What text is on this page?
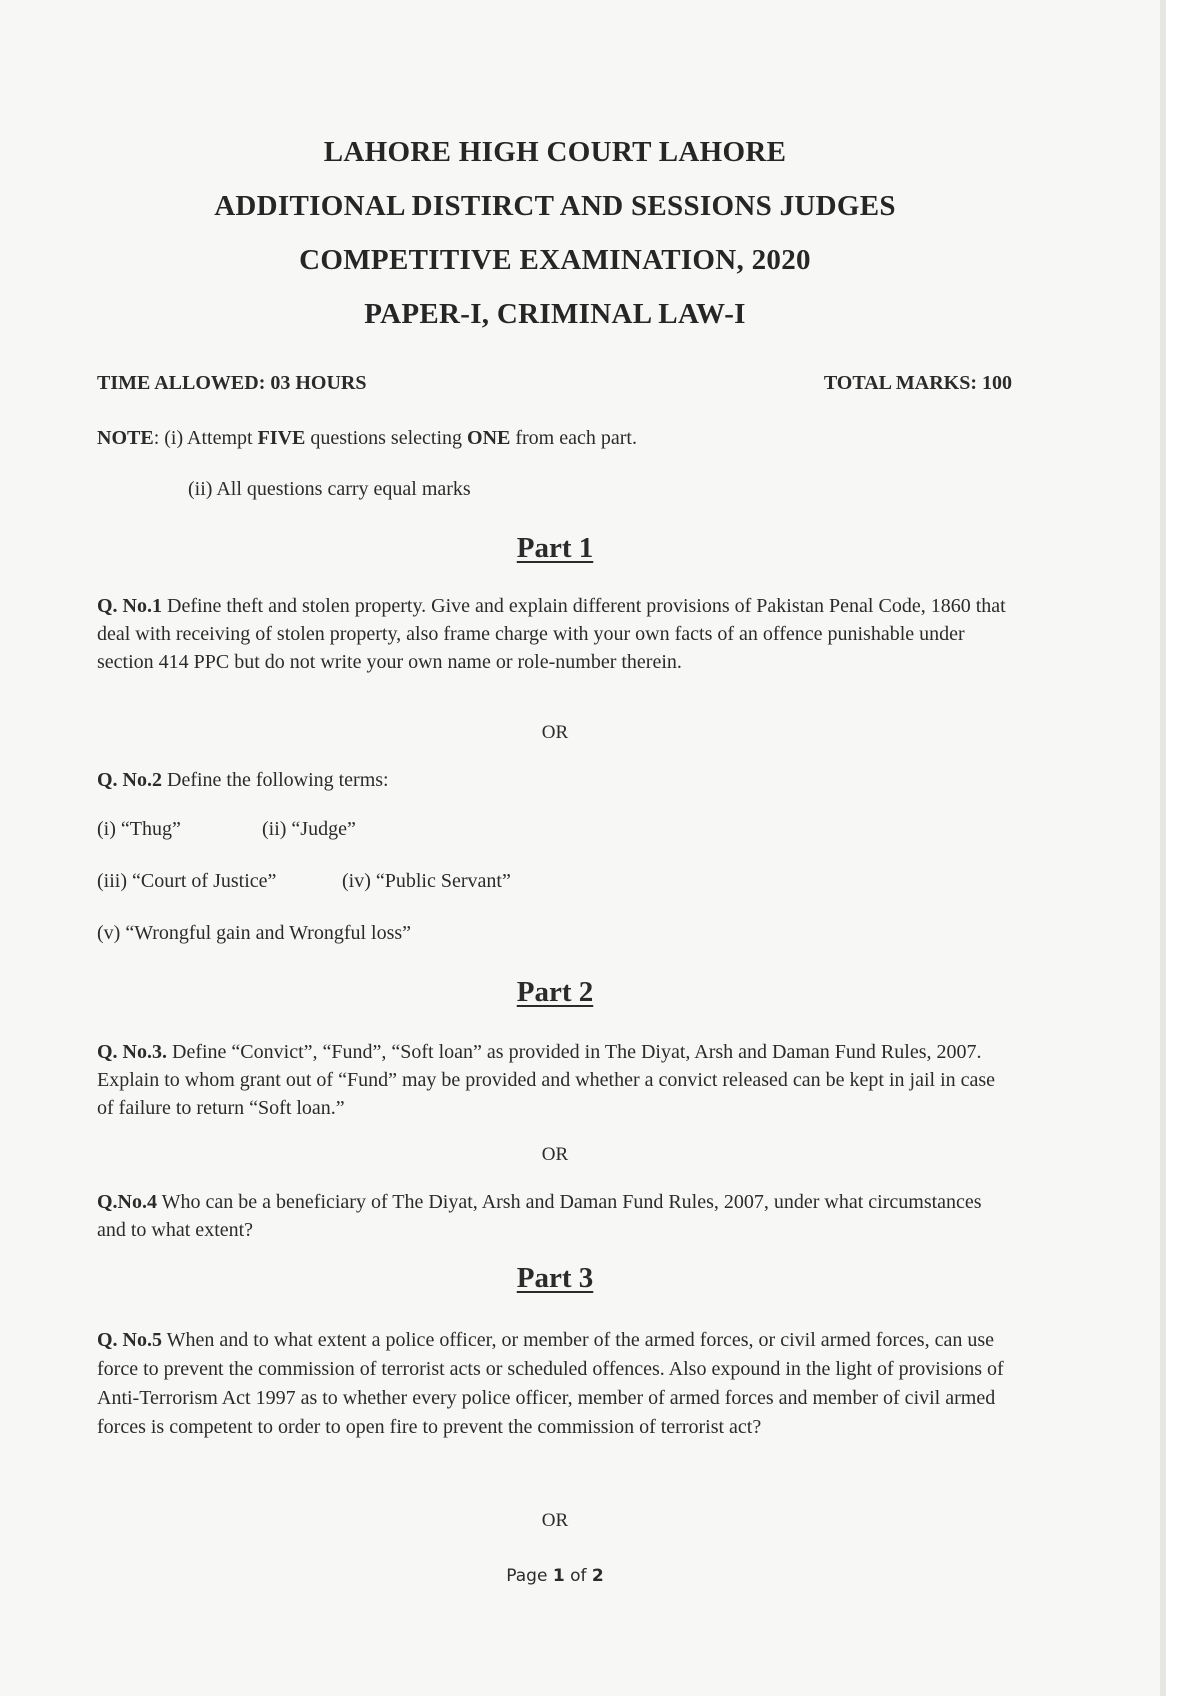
LAHORE HIGH COURT LAHORE
ADDITIONAL DISTIRCT AND SESSIONS JUDGES
COMPETITIVE EXAMINATION, 2020
PAPER-I, CRIMINAL LAW-I
TIME ALLOWED: 03 HOURS	TOTAL MARKS: 100
NOTE: (i) Attempt FIVE questions selecting ONE from each part.
(ii) All questions carry equal marks
Part 1
Q. No.1 Define theft and stolen property. Give and explain different provisions of Pakistan Penal Code, 1860 that deal with receiving of stolen property, also frame charge with your own facts of an offence punishable under section 414 PPC but do not write your own name or role-number therein.
OR
Q. No.2 Define the following terms:
(i) “Thug”	(ii) “Judge”
(iii) “Court of Justice”	(iv) “Public Servant”
(v) “Wrongful gain and Wrongful loss”
Part 2
Q. No.3. Define “Convict”, “Fund”, “Soft loan” as provided in The Diyat, Arsh and Daman Fund Rules, 2007. Explain to whom grant out of “Fund” may be provided and whether a convict released can be kept in jail in case of failure to return “Soft loan.”
OR
Q.No.4 Who can be a beneficiary of The Diyat, Arsh and Daman Fund Rules, 2007, under what circumstances and to what extent?
Part 3
Q. No.5 When and to what extent a police officer, or member of the armed forces, or civil armed forces, can use force to prevent the commission of terrorist acts or scheduled offences. Also expound in the light of provisions of Anti-Terrorism Act 1997 as to whether every police officer, member of armed forces and member of civil armed forces is competent to order to open fire to prevent the commission of terrorist act?
OR
Page 1 of 2
